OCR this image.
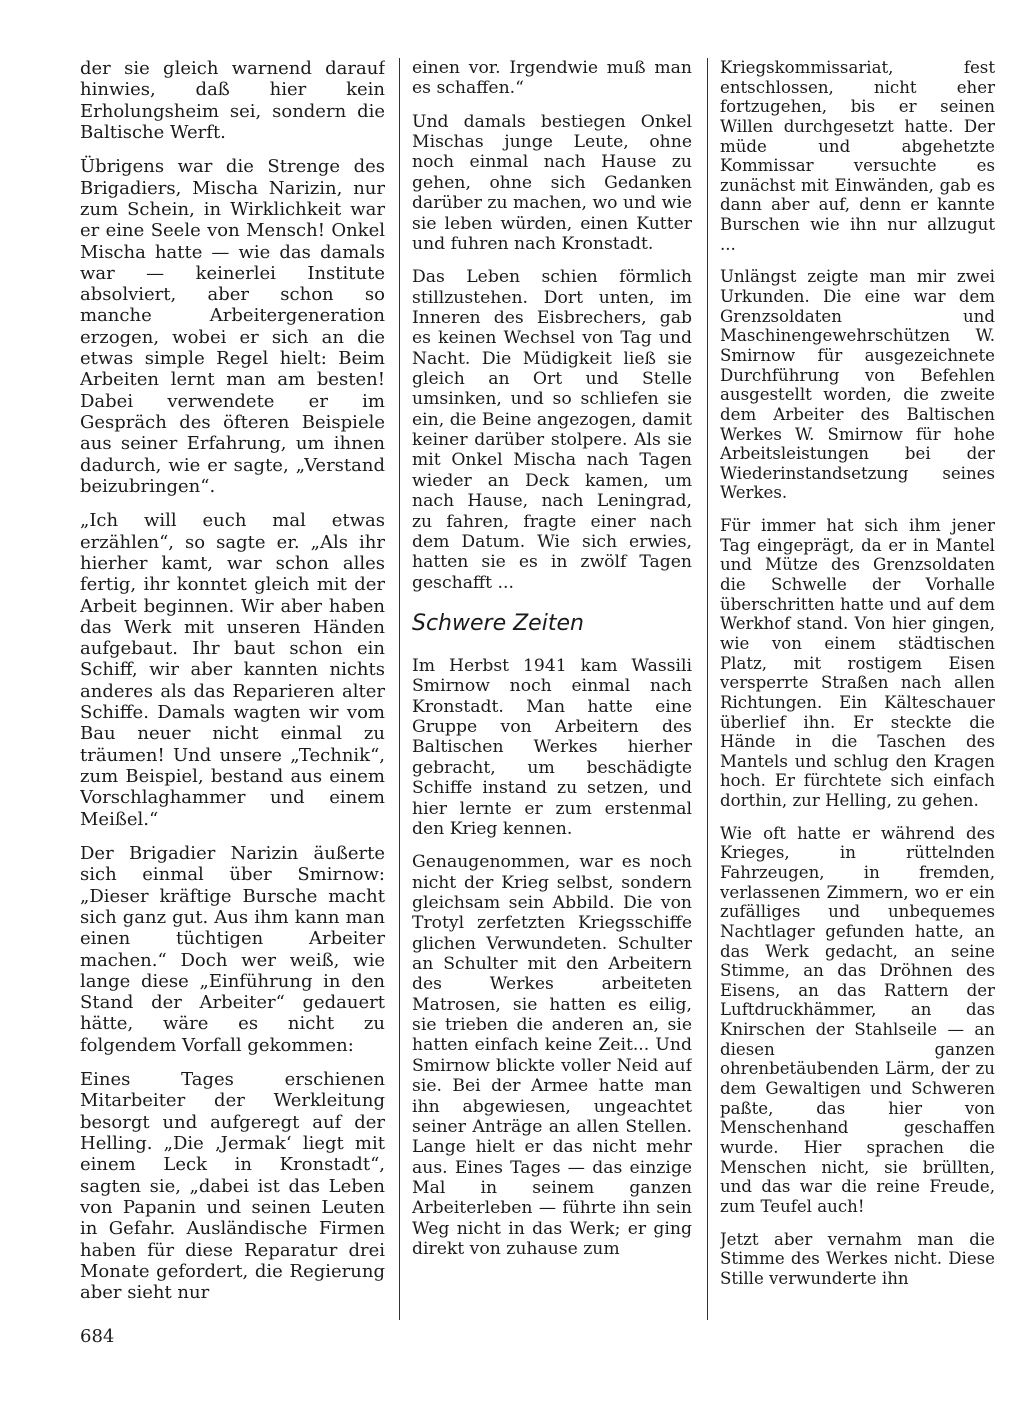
der sie gleich warnend darauf hinwies, daß hier kein Erholungsheim sei, sondern die Baltische Werft.

Übrigens war die Strenge des Brigadiers, Mischa Narizin, nur zum Schein, in Wirklichkeit war er eine Seele von Mensch! Onkel Mischa hatte — wie das damals war — keinerlei Institute absolviert, aber schon so manche Arbeitergeneration erzogen, wobei er sich an die etwas simple Regel hielt: Beim Arbeiten lernt man am besten! Dabei verwendete er im Gespräch des öfteren Beispiele aus seiner Erfahrung, um ihnen dadurch, wie er sagte, „Verstand beizubringen“.

„Ich will euch mal etwas erzählen“, so sagte er. „Als ihr hierher kamt, war schon alles fertig, ihr konntet gleich mit der Arbeit beginnen. Wir aber haben das Werk mit unseren Händen aufgebaut. Ihr baut schon ein Schiff, wir aber kannten nichts anderes als das Reparieren alter Schiffe. Damals wagten wir vom Bau neuer nicht einmal zu träumen! Und unsere „Technik“, zum Beispiel, bestand aus einem Vorschlaghammer und einem Meißel.“

Der Brigadier Narizin äußerte sich einmal über Smirnow: „Dieser kräftige Bursche macht sich ganz gut. Aus ihm kann man einen tüchtigen Arbeiter machen.“ Doch wer weiß, wie lange diese „Einführung in den Stand der Arbeiter“ gedauert hätte, wäre es nicht zu folgendem Vorfall gekommen:

Eines Tages erschienen Mitarbeiter der Werkleitung besorgt und aufgeregt auf der Helling. „Die ‚Jermak‘ liegt mit einem Leck in Kronstadt“, sagten sie, „dabei ist das Leben von Papanin und seinen Leuten in Gefahr. Ausländische Firmen haben für diese Reparatur drei Monate gefordert, die Regierung aber sieht nur

einen vor. Irgendwie muß man es schaffen.“

Und damals bestiegen Onkel Mischas junge Leute, ohne noch einmal nach Hause zu gehen, ohne sich Gedanken darüber zu machen, wo und wie sie leben würden, einen Kutter und fuhren nach Kronstadt.

Das Leben schien förmlich stillzustehen. Dort unten, im Inneren des Eisbrechers, gab es keinen Wechsel von Tag und Nacht. Die Müdigkeit ließ sie gleich an Ort und Stelle umsinken, und so schliefen sie ein, die Beine angezogen, damit keiner darüber stolpere. Als sie mit Onkel Mischa nach Tagen wieder an Deck kamen, um nach Hause, nach Leningrad, zu fahren, fragte einer nach dem Datum. Wie sich erwies, hatten sie es in zwölf Tagen geschafft ...

Schwere Zeiten

Im Herbst 1941 kam Wassili Smirnow noch einmal nach Kronstadt. Man hatte eine Gruppe von Arbeitern des Baltischen Werkes hierher gebracht, um beschädigte Schiffe instand zu setzen, und hier lernte er zum erstenmal den Krieg kennen.

Genaugenommen, war es noch nicht der Krieg selbst, sondern gleichsam sein Abbild. Die von Trotyl zerfetzten Kriegsschiffe glichen Verwundeten. Schulter an Schulter mit den Arbeitern des Werkes arbeiteten Matrosen, sie hatten es eilig, sie trieben die anderen an, sie hatten einfach keine Zeit... Und Smirnow blickte voller Neid auf sie. Bei der Armee hatte man ihn abgewiesen, ungeachtet seiner Anträge an allen Stellen. Lange hielt er das nicht mehr aus. Eines Tages — das einzige Mal in seinem ganzen Arbeiterleben — führte ihn sein Weg nicht in das Werk; er ging direkt von zuhause zum

Kriegskommissariat, fest entschlossen, nicht eher fortzugehen, bis er seinen Willen durchgesetzt hatte. Der müde und abgehetzte Kommissar versuchte es zunächst mit Einwänden, gab es dann aber auf, denn er kannte Burschen wie ihn nur allzugut ...

Unlängst zeigte man mir zwei Urkunden. Die eine war dem Grenzsoldaten und Maschinengewehrschützen W. Smirnow für ausgezeichnete Durchführung von Befehlen ausgestellt worden, die zweite dem Arbeiter des Baltischen Werkes W. Smirnow für hohe Arbeitsleistungen bei der Wiederinstandsetzung seines Werkes.

Für immer hat sich ihm jener Tag eingeprägt, da er in Mantel und Mütze des Grenzsoldaten die Schwelle der Vorhalle überschritten hatte und auf dem Werkhof stand. Von hier gingen, wie von einem städtischen Platz, mit rostigem Eisen versperrte Straßen nach allen Richtungen. Ein Kälteschauer überlief ihn. Er steckte die Hände in die Taschen des Mantels und schlug den Kragen hoch. Er fürchtete sich einfach dorthin, zur Helling, zu gehen.

Wie oft hatte er während des Krieges, in rüttelnden Fahrzeugen, in fremden, verlassenen Zimmern, wo er ein zufälliges und unbequemes Nachtlager gefunden hatte, an das Werk gedacht, an seine Stimme, an das Dröhnen des Eisens, an das Rattern der Luftdruckhämmer, an das Knirschen der Stahlseile — an diesen ganzen ohrenbetäubenden Lärm, der zu dem Gewaltigen und Schweren paßte, das hier von Menschenhand geschaffen wurde. Hier sprachen die Menschen nicht, sie brüllten, und das war die reine Freude, zum Teufel auch!

Jetzt aber vernahm man die Stimme des Werkes nicht. Diese Stille verwunderte ihn

684
